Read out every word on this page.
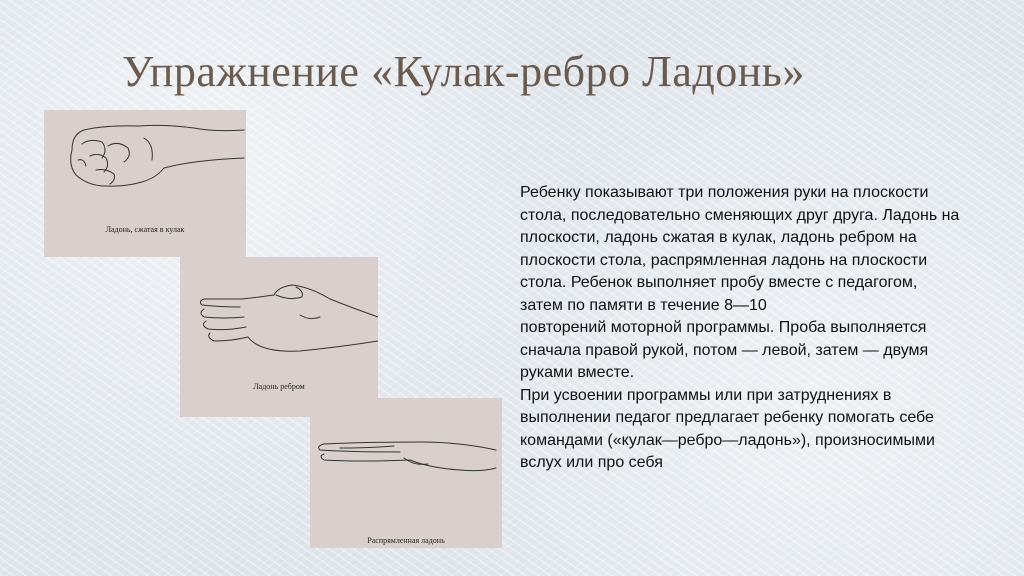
Упражнение «Кулак-ребро Ладонь»
Ладонь, сжатая в кулак
Ладонь ребром
Распрямленная ладонь
Ребенку показывают три положения руки на плоскости стола, последовательно сменяющих друг друга. Ладонь на плоскости, ладонь сжатая в кулак, ладонь ребром на плоскости стола, распрямленная ладонь на плоскости стола. Ребенок выполняет пробу вместе с педагогом, затем по памяти в течение 8—10
повторений моторной программы. Проба выполняется сначала правой рукой, потом — левой, затем — двумя руками вместе.
При усвоении программы или при затруднениях в выполнении педагог предлагает ребенку помогать себе командами («кулак—ребро—ладонь»), произносимыми вслух или про себя
